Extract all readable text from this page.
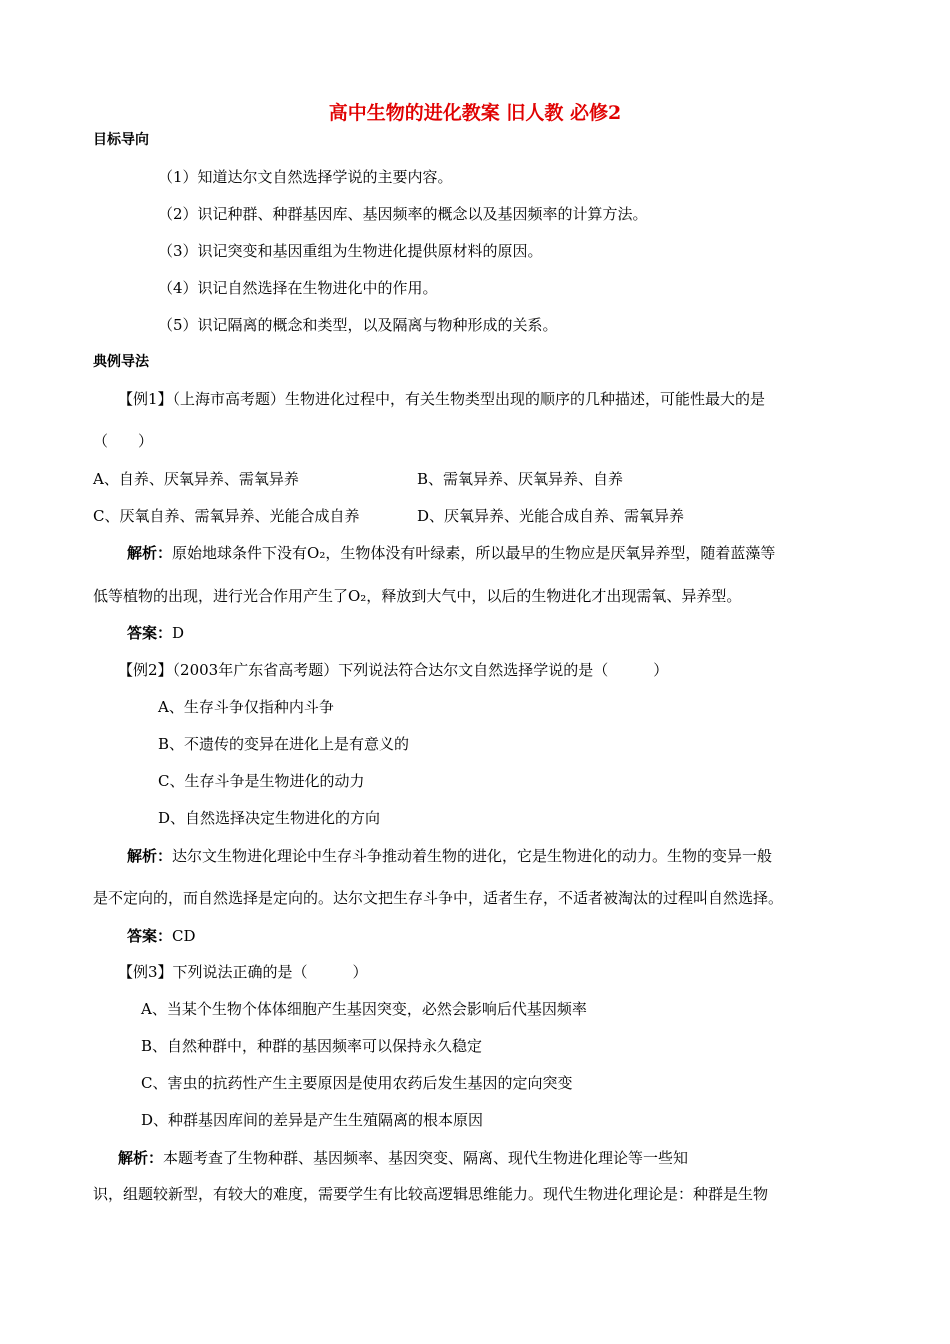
高中生物的进化教案 旧人教 必修2
目标导向
（1）知道达尔文自然选择学说的主要内容。
（2）识记种群、种群基因库、基因频率的概念以及基因频率的计算方法。
（3）识记突变和基因重组为生物进化提供原材料的原因。
（4）识记自然选择在生物进化中的作用。
（5）识记隔离的概念和类型，以及隔离与物种形成的关系。
典例导法
【例1】（上海市高考题）生物进化过程中，有关生物类型出现的顺序的几种描述，可能性最大的是
（　　）
A、自养、厌氧异养、需氧异养	B、需氧异养、厌氧异养、自养
C、厌氧自养、需氧异养、光能合成自养	D、厌氧异养、光能合成自养、需氧异养
解析：原始地球条件下没有O₂，生物体没有叶绿素，所以最早的生物应是厌氧异养型，随着蓝藻等
低等植物的出现，进行光合作用产生了O₂，释放到大气中，以后的生物进化才出现需氧、异养型。
答案：D
【例2】（2003年广东省高考题）下列说法符合达尔文自然选择学说的是（　　　）
A、生存斗争仅指种内斗争
B、不遗传的变异在进化上是有意义的
C、生存斗争是生物进化的动力
D、自然选择决定生物进化的方向
解析：达尔文生物进化理论中生存斗争推动着生物的进化，它是生物进化的动力。生物的变异一般
是不定向的，而自然选择是定向的。达尔文把生存斗争中，适者生存，不适者被淘汰的过程叫自然选择。
答案：CD
【例3】下列说法正确的是（　　　）
A、当某个生物个体体细胞产生基因突变，必然会影响后代基因频率
B、自然种群中，种群的基因频率可以保持永久稳定
C、害虫的抗药性产生主要原因是使用农药后发生基因的定向突变
D、种群基因库间的差异是产生生殖隔离的根本原因
解析：本题考查了生物种群、基因频率、基因突变、隔离、现代生物进化理论等一些知
识，组题较新型，有较大的难度，需要学生有比较高逻辑思维能力。现代生物进化理论是：种群是生物
